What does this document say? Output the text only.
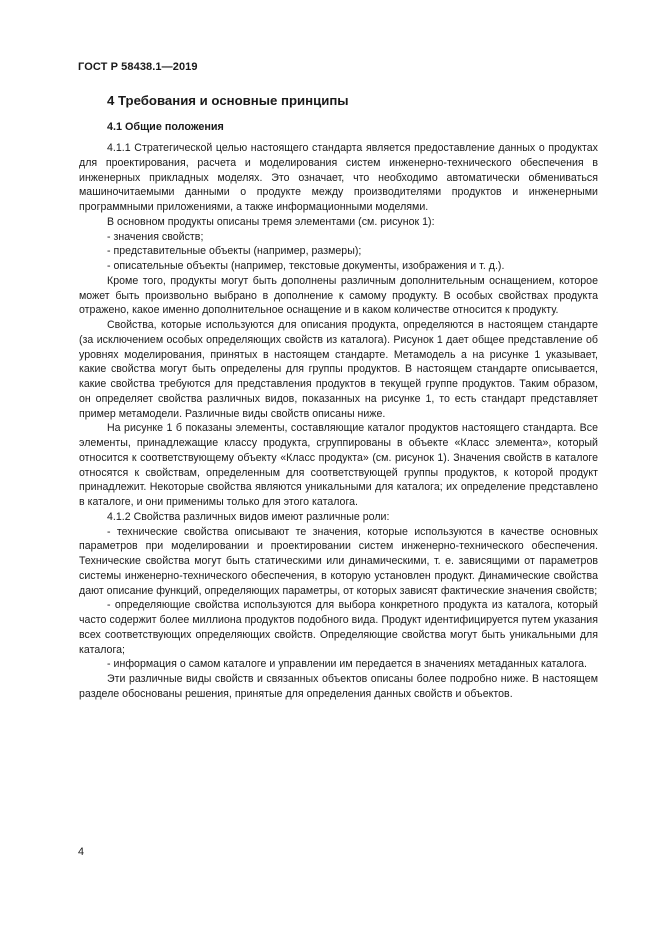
ГОСТ Р 58438.1—2019
4 Требования и основные принципы
4.1 Общие положения

4.1.1 Стратегической целью настоящего стандарта является предоставление данных о продуктах для проектирования, расчета и моделирования систем инженерно-технического обеспечения в инженерных прикладных моделях. Это означает, что необходимо автоматически обмениваться машиночитаемыми данными о продукте между производителями продуктов и инженерными программными приложениями, а также информационными моделями.

В основном продукты описаны тремя элементами (см. рисунок 1):

- значения свойств;

- представительные объекты (например, размеры);

- описательные объекты (например, текстовые документы, изображения и т. д.).

Кроме того, продукты могут быть дополнены различным дополнительным оснащением, которое может быть произвольно выбрано в дополнение к самому продукту. В особых свойствах продукта отражено, какое именно дополнительное оснащение и в каком количестве относится к продукту.

Свойства, которые используются для описания продукта, определяются в настоящем стандарте (за исключением особых определяющих свойств из каталога). Рисунок 1 дает общее представление об уровнях моделирования, принятых в настоящем стандарте. Метамодель а на рисунке 1 указывает, какие свойства могут быть определены для группы продуктов. В настоящем стандарте описывается, какие свойства требуются для представления продуктов в текущей группе продуктов. Таким образом, он определяет свойства различных видов, показанных на рисунке 1, то есть стандарт представляет пример метамодели. Различные виды свойств описаны ниже.

На рисунке 1 б показаны элементы, составляющие каталог продуктов настоящего стандарта. Все элементы, принадлежащие классу продукта, сгруппированы в объекте «Класс элемента», который относится к соответствующему объекту «Класс продукта» (см. рисунок 1). Значения свойств в каталоге относятся к свойствам, определенным для соответствующей группы продуктов, к которой продукт принадлежит. Некоторые свойства являются уникальными для каталога; их определение представлено в каталоге, и они применимы только для этого каталога.

4.1.2 Свойства различных видов имеют различные роли:

- технические свойства описывают те значения, которые используются в качестве основных параметров при моделировании и проектировании систем инженерно-технического обеспечения. Технические свойства могут быть статическими или динамическими, т. е. зависящими от параметров системы инженерно-технического обеспечения, в которую установлен продукт. Динамические свойства дают описание функций, определяющих параметры, от которых зависят фактические значения свойств;

- определяющие свойства используются для выбора конкретного продукта из каталога, который часто содержит более миллиона продуктов подобного вида. Продукт идентифицируется путем указания всех соответствующих определяющих свойств. Определяющие свойства могут быть уникальными для каталога;

- информация о самом каталоге и управлении им передается в значениях метаданных каталога.

Эти различные виды свойств и связанных объектов описаны более подробно ниже. В настоящем разделе обоснованы решения, принятые для определения данных свойств и объектов.

4
